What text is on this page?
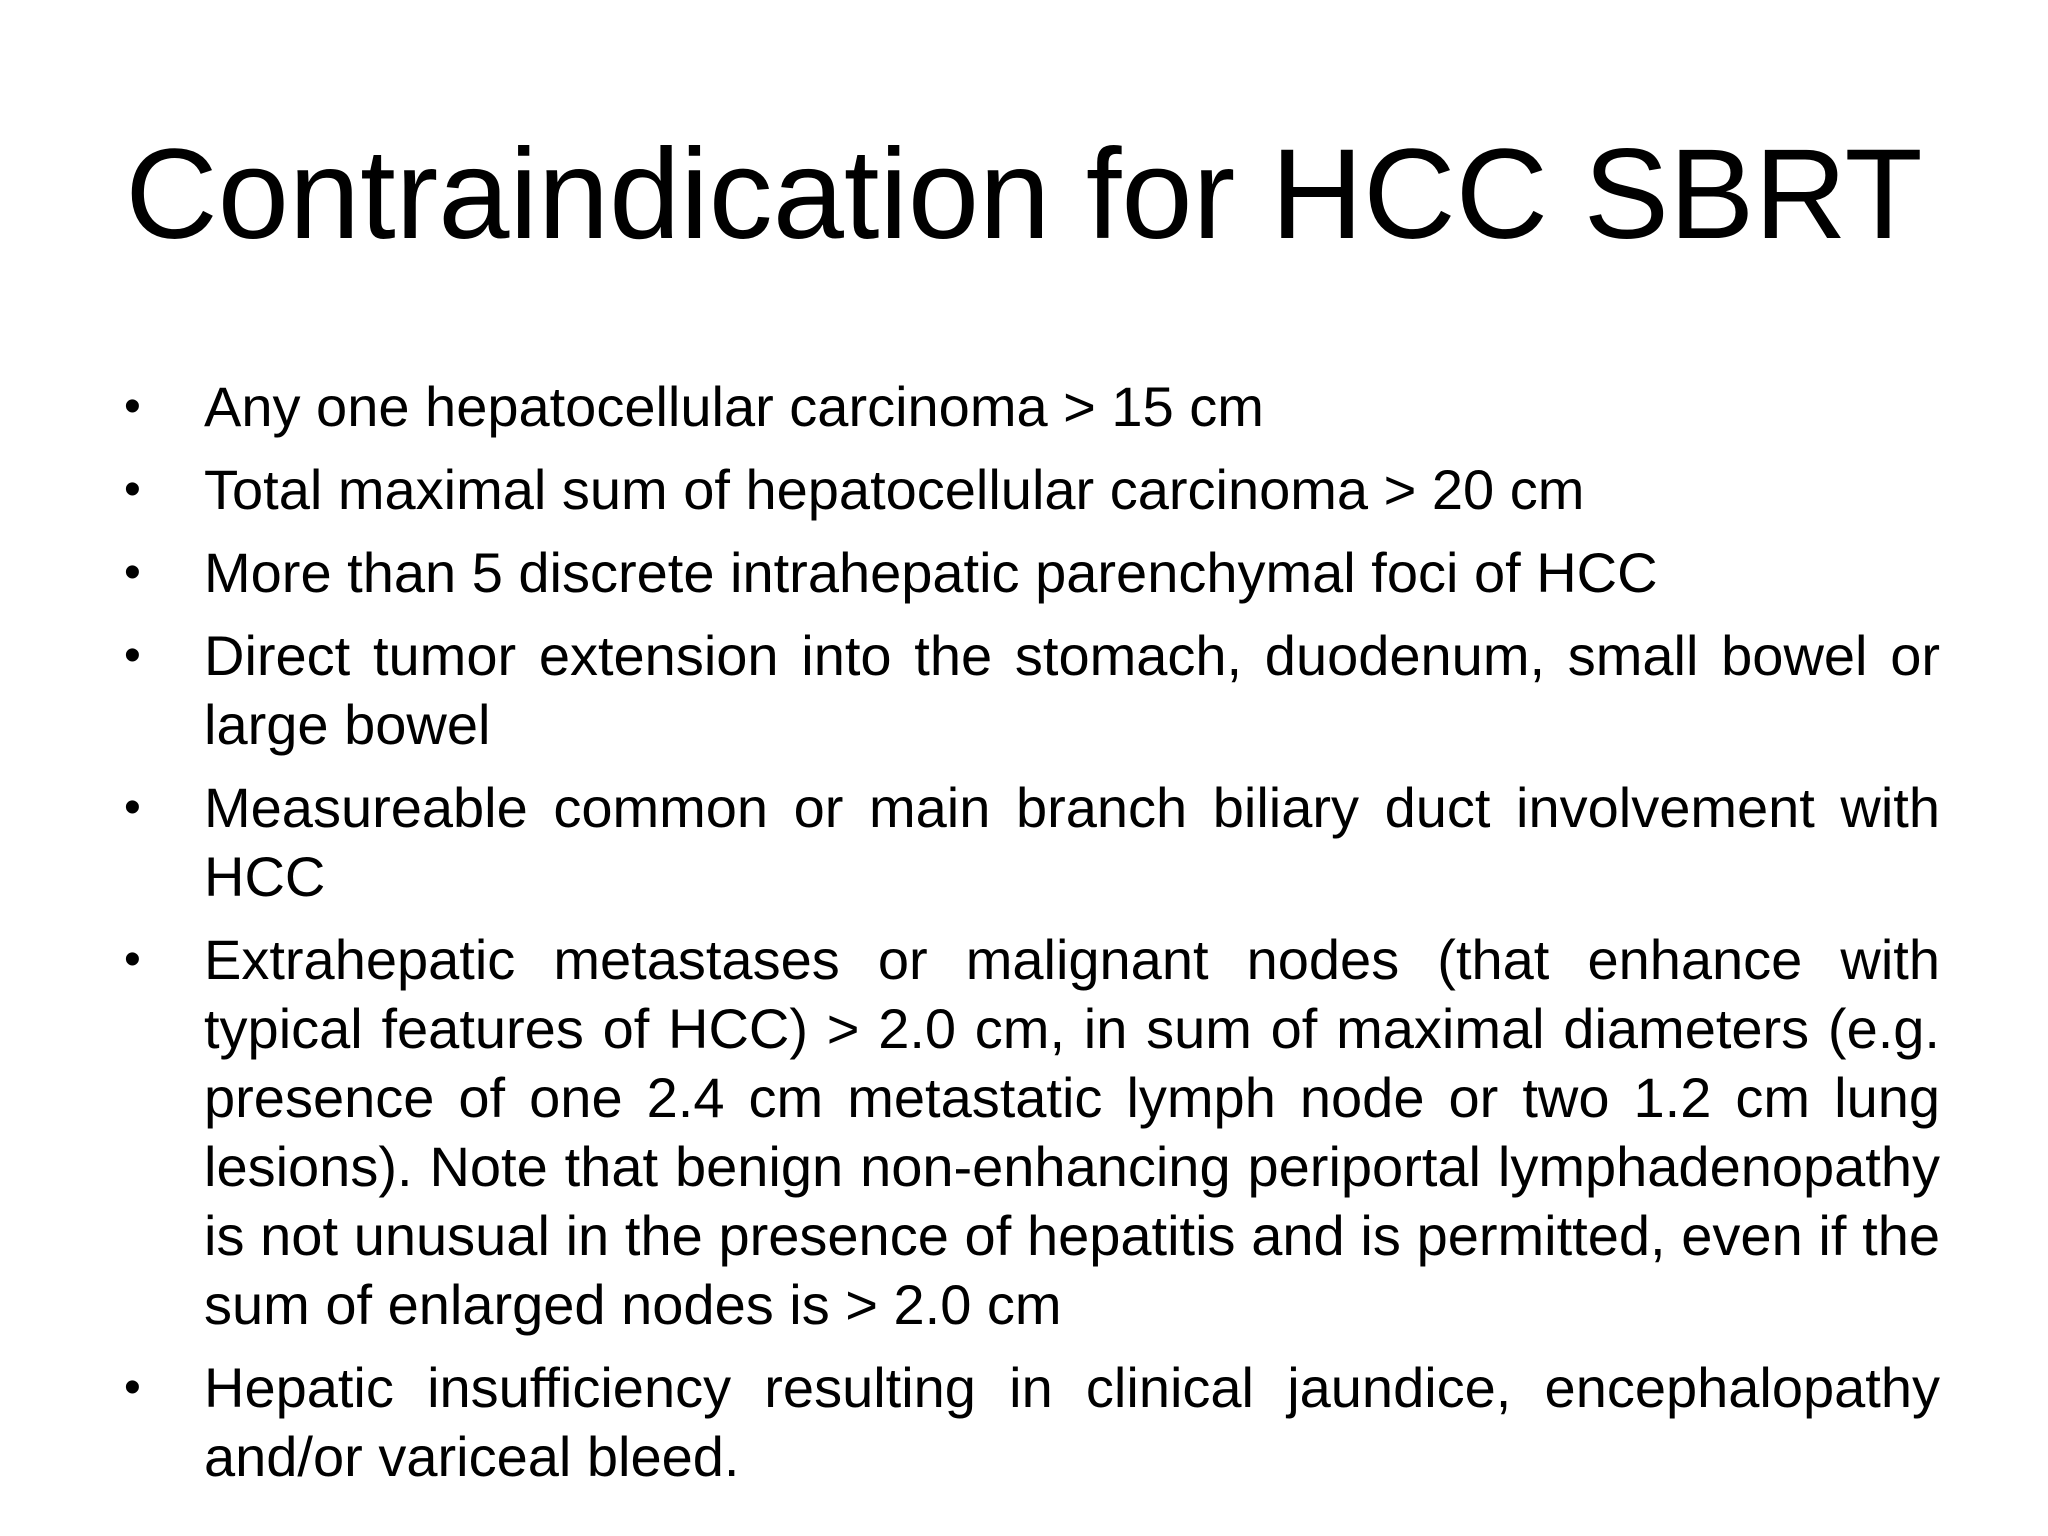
Contraindication for HCC SBRT
•	Any one hepatocellular carcinoma > 15 cm
•	Total maximal sum of hepatocellular carcinoma > 20 cm
•	More than 5 discrete intrahepatic parenchymal foci of HCC
•	Direct tumor extension into the stomach, duodenum, small bowel or large bowel
•	Measureable common or main branch biliary duct involvement with HCC
•	Extrahepatic metastases or malignant nodes (that enhance with typical features of HCC) > 2.0 cm, in sum of maximal diameters (e.g. presence of one 2.4 cm metastatic lymph node or two 1.2 cm lung lesions). Note that benign non-enhancing periportal lymphadenopathy is not unusual in the presence of hepatitis and is permitted, even if the sum of enlarged nodes is > 2.0 cm
•	Hepatic insufficiency resulting in clinical jaundice, encephalopathy and/or variceal bleed.
